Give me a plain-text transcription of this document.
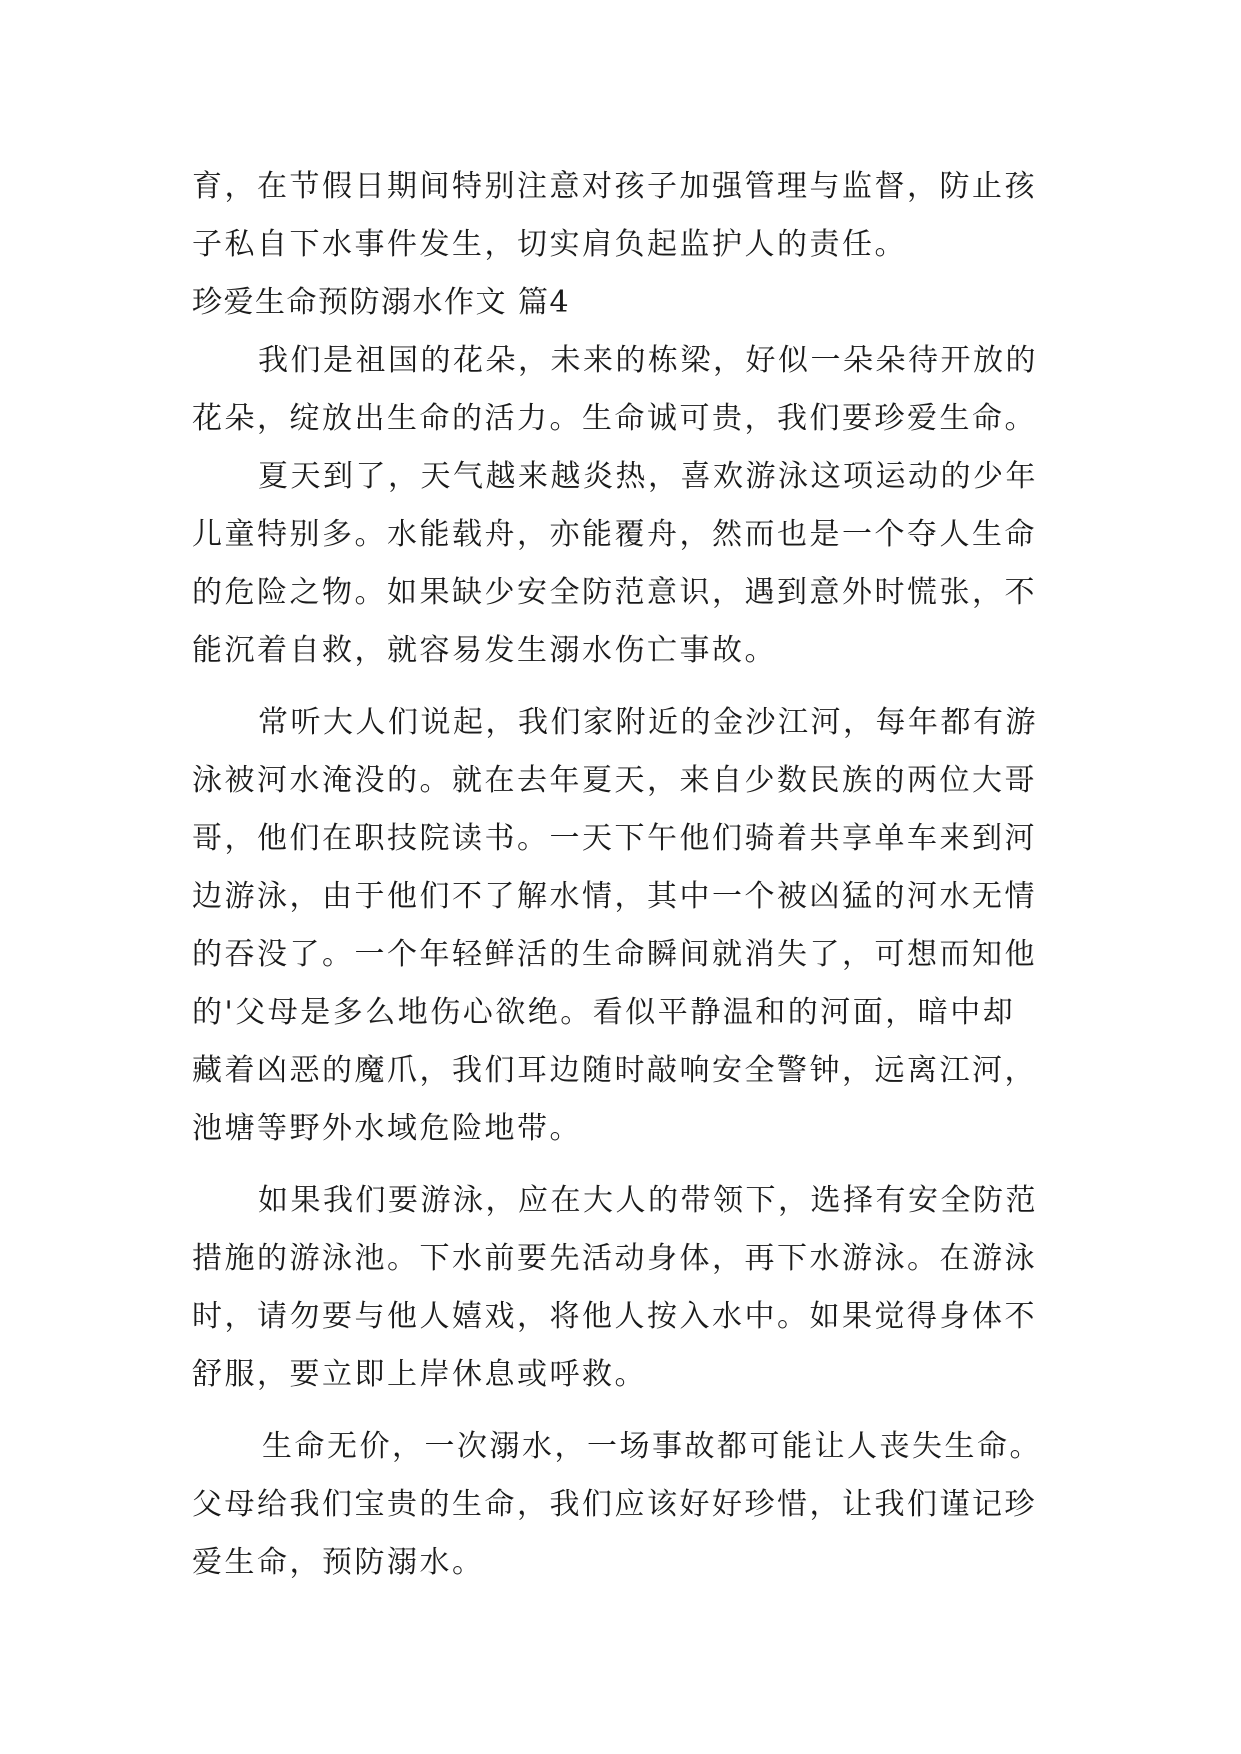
育，在节假日期间特别注意对孩子加强管理与监督，防止孩
子私自下水事件发生，切实肩负起监护人的责任。
珍爱生命预防溺水作文 篇4
我们是祖国的花朵，未来的栋梁，好似一朵朵待开放的
花朵，绽放出生命的活力。生命诚可贵，我们要珍爱生命。
夏天到了，天气越来越炎热，喜欢游泳这项运动的少年
儿童特别多。水能载舟，亦能覆舟，然而也是一个夺人生命
的危险之物。如果缺少安全防范意识，遇到意外时慌张，不
能沉着自救，就容易发生溺水伤亡事故。
常听大人们说起，我们家附近的金沙江河，每年都有游
泳被河水淹没的。就在去年夏天，来自少数民族的两位大哥
哥，他们在职技院读书。一天下午他们骑着共享单车来到河
边游泳，由于他们不了解水情，其中一个被凶猛的河水无情
的吞没了。一个年轻鲜活的生命瞬间就消失了，可想而知他
的'父母是多么地伤心欲绝。看似平静温和的河面，暗中却
藏着凶恶的魔爪，我们耳边随时敲响安全警钟，远离江河，
池塘等野外水域危险地带。
如果我们要游泳，应在大人的带领下，选择有安全防范
措施的游泳池。下水前要先活动身体，再下水游泳。在游泳
时，请勿要与他人嬉戏，将他人按入水中。如果觉得身体不
舒服，要立即上岸休息或呼救。
生命无价，一次溺水，一场事故都可能让人丧失生命。
父母给我们宝贵的生命，我们应该好好珍惜，让我们谨记珍
爱生命，预防溺水。
